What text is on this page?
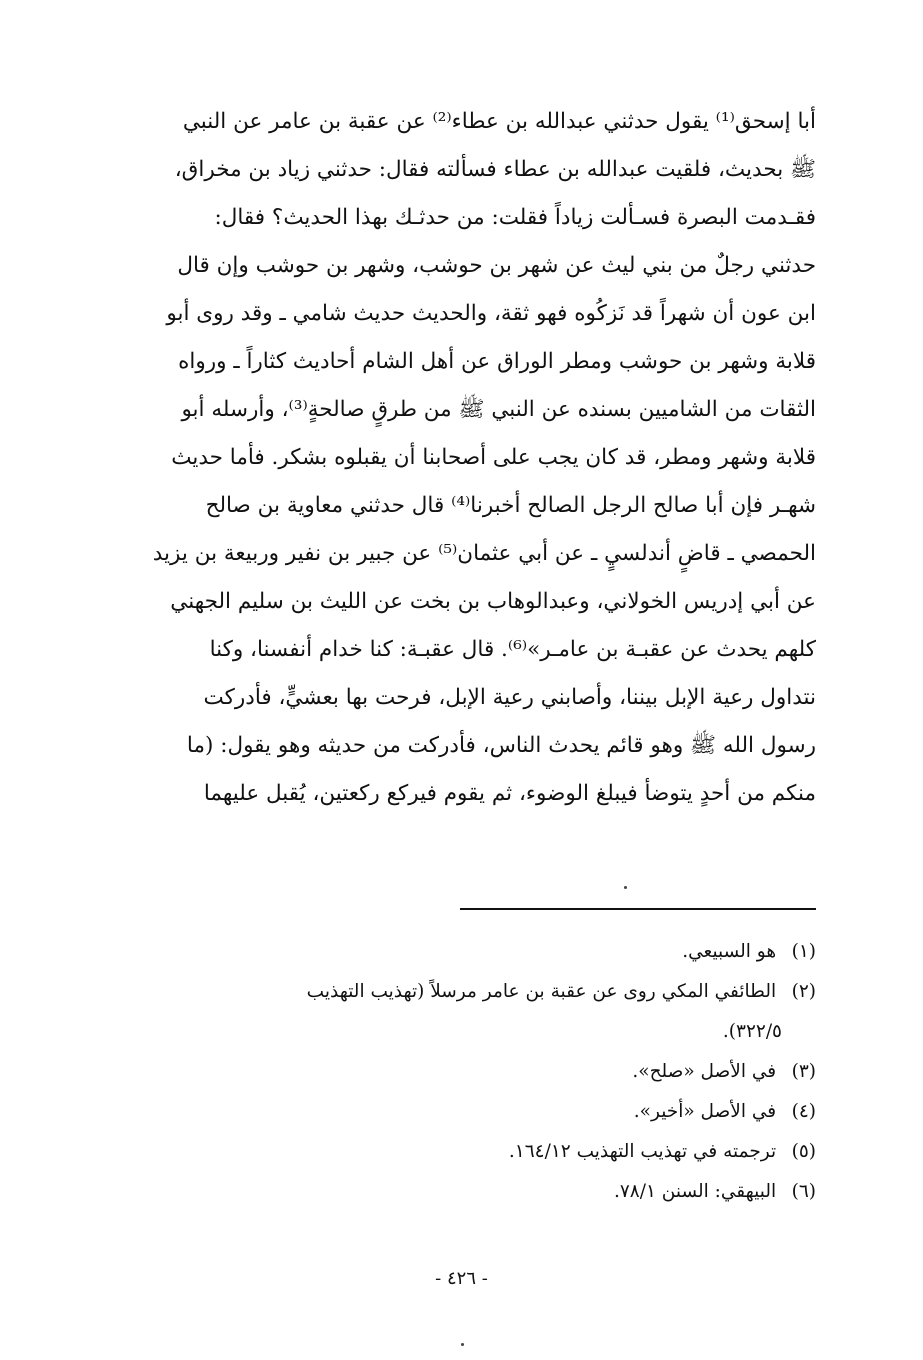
أبا إسحق⁽¹⁾ يقول حدثني عبدالله بن عطاء⁽²⁾ عن عقبة بن عامر عن النبي
ﷺ بحديث، فلقيت عبدالله بن عطاء فسألته فقال: حدثني زياد بن مخراق،
فقـدمت البصرة فسـألت زياداً فقلت: من حدثـك بهذا الحديث؟ فقال:
حدثني رجلٌ من بني ليث عن شهر بن حوشب، وشهر بن حوشب وإن قال
ابن عون أن شهراً قد نَزكُوه فهو ثقة، والحديث حديث شامي ـ وقد روى أبو
قلابة وشهر بن حوشب ومطر الوراق عن أهل الشام أحاديث كثاراً ـ ورواه
الثقات من الشاميين بسنده عن النبي ﷺ من طرقٍ صالحةٍ⁽³⁾، وأرسله أبو
قلابة وشهر ومطر، قد كان يجب على أصحابنا أن يقبلوه بشكر. فأما حديث
شهـر فإن أبا صالح الرجل الصالح أخبرنا⁽⁴⁾ قال حدثني معاوية بن صالح
الحمصي ـ قاضٍ أندلسيٍ ـ عن أبي عثمان⁽⁵⁾ عن جبير بن نفير وربيعة بن يزيد
عن أبي إدريس الخولاني، وعبدالوهاب بن بخت عن الليث بن سليم الجهني
كلهم يحدث عن عقبـة بن عامـر»⁽⁶⁾. قال عقبـة: كنا خدام أنفسنا، وكنا
نتداول رعية الإبل بيننا، وأصابني رعية الإبل، فرحت بها بعشيٍّ، فأدركت
رسول الله ﷺ وهو قائم يحدث الناس، فأدركت من حديثه وهو يقول: (ما
منكم من أحدٍ يتوضأ فيبلغ الوضوء، ثم يقوم فيركع ركعتين، يُقبل عليهما
(١) هو السبيعي.
(٢) الطائفي المكي روى عن عقبة بن عامر مرسلاً (تهذيب التهذيب
٣٢٢/٥).
(٣) في الأصل «صلح».
(٤) في الأصل «أخير».
(٥) ترجمته في تهذيب التهذيب ١٦٤/١٢.
(٦) البيهقي: السنن ٧٨/١.
- ٤٢٦ -
